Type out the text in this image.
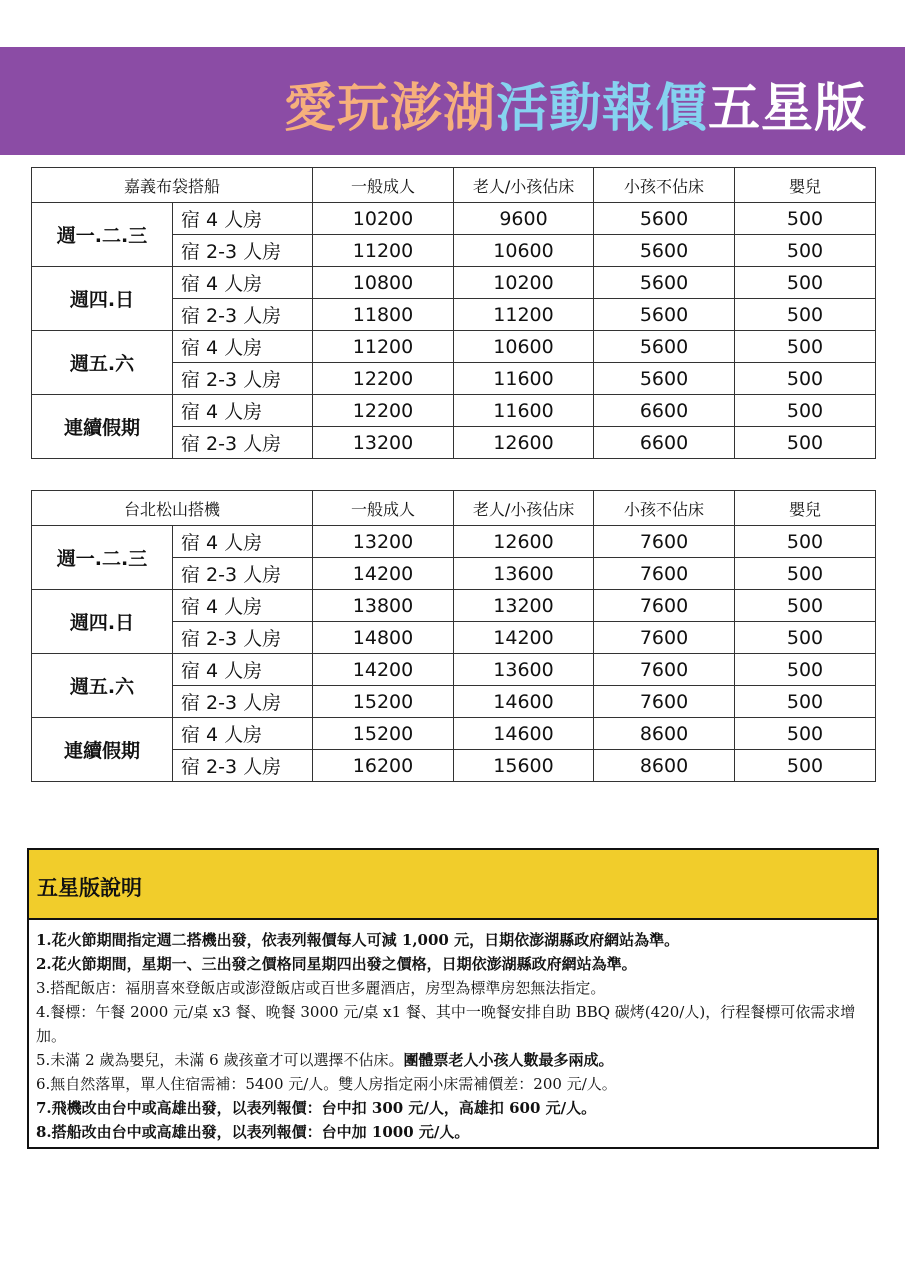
愛玩澎湖活動報價五星版
嘉義布袋搭船		一般成人	老人/小孩佔床	小孩不佔床	嬰兒
週一.二.三	宿 4 人房	10200	9600	5600	500
	宿 2-3 人房	11200	10600	5600	500
週四.日	宿 4 人房	10800	10200	5600	500
	宿 2-3 人房	11800	11200	5600	500
週五.六	宿 4 人房	11200	10600	5600	500
	宿 2-3 人房	12200	11600	5600	500
連續假期	宿 4 人房	12200	11600	6600	500
	宿 2-3 人房	13200	12600	6600	500
台北松山搭機		一般成人	老人/小孩佔床	小孩不佔床	嬰兒
週一.二.三	宿 4 人房	13200	12600	7600	500
	宿 2-3 人房	14200	13600	7600	500
週四.日	宿 4 人房	13800	13200	7600	500
	宿 2-3 人房	14800	14200	7600	500
週五.六	宿 4 人房	14200	13600	7600	500
	宿 2-3 人房	15200	14600	7600	500
連續假期	宿 4 人房	15200	14600	8600	500
	宿 2-3 人房	16200	15600	8600	500
五星版說明
1.花火節期間指定週二搭機出發，依表列報價每人可減 1,000 元，日期依澎湖縣政府網站為準。
2.花火節期間，星期一、三出發之價格同星期四出發之價格，日期依澎湖縣政府網站為準。
3.搭配飯店：福朋喜來登飯店或澎澄飯店或百世多麗酒店，房型為標準房恕無法指定。
4.餐標：午餐 2000 元/桌 x3 餐、晚餐 3000 元/桌 x1 餐、其中一晚餐安排自助 BBQ 碳烤(420/人)，行程餐標可依需求增加。
5.未滿 2 歲為嬰兒，未滿 6 歲孩童才可以選擇不佔床。團體票老人小孩人數最多兩成。
6.無自然落單，單人住宿需補：5400 元/人。雙人房指定兩小床需補價差：200 元/人。
7.飛機改由台中或高雄出發，以表列報價：台中扣 300 元/人，高雄扣 600 元/人。
8.搭船改由台中或高雄出發，以表列報價：台中加 1000 元/人。
